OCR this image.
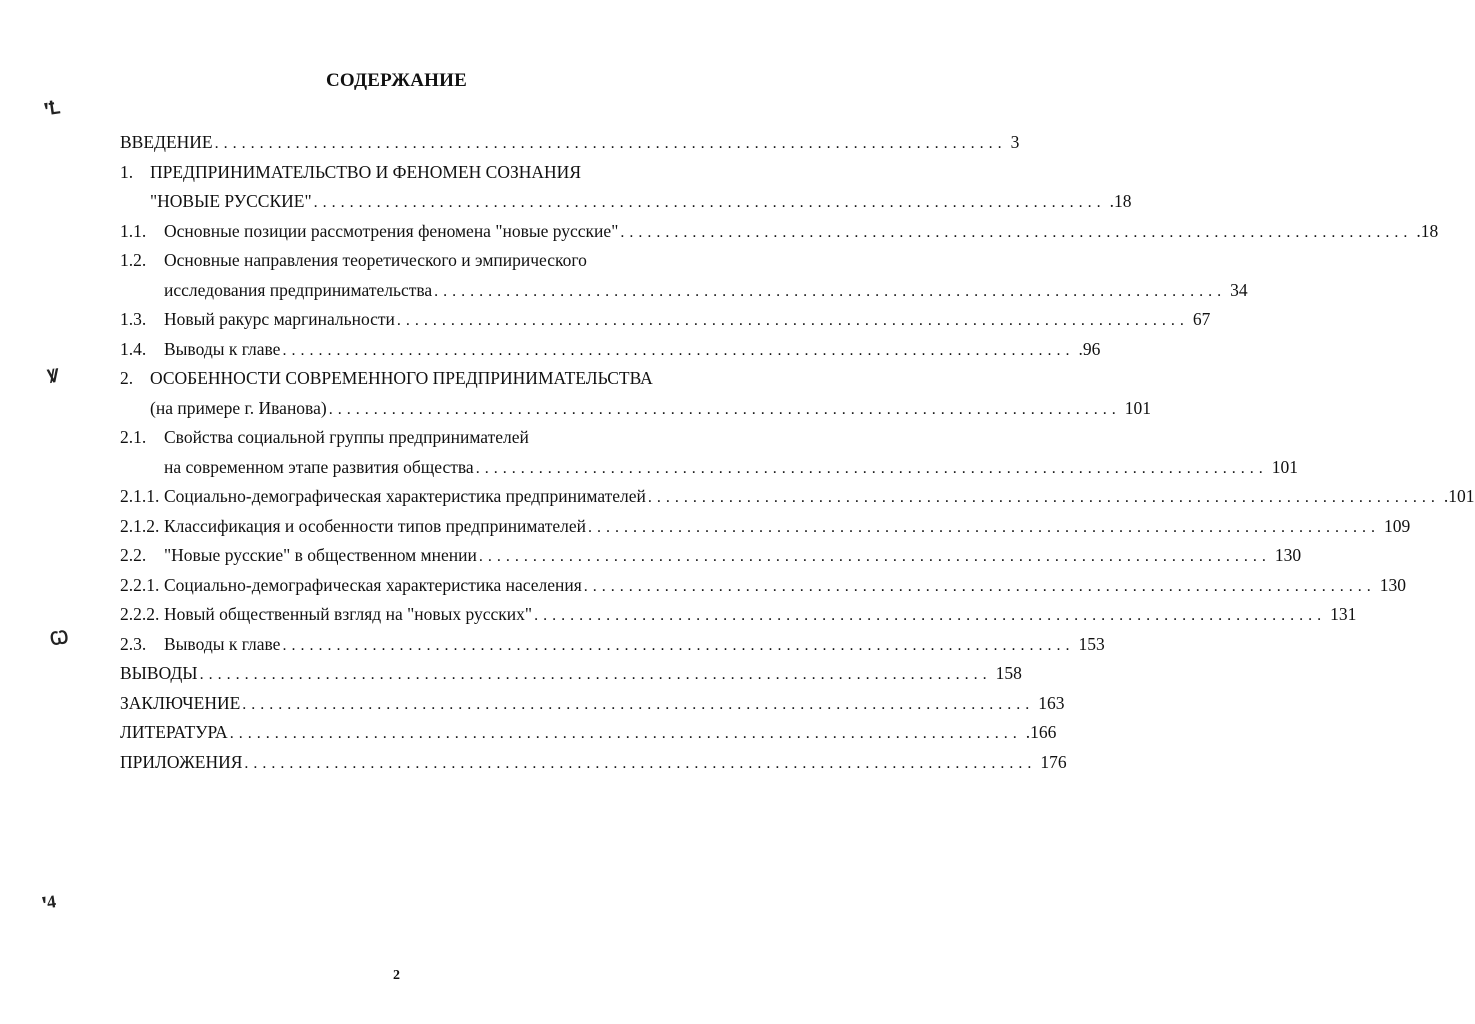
СОДЕРЖАНИЕ
ꞌꝈ
Ꝟ
Ꞷ
ꞌ4
ВВЕДЕНИЕ ........................................................................................ 3
1. ПРЕДПРИНИМАТЕЛЬСТВО И ФЕНОМЕН СОЗНАНИЯ
"НОВЫЕ РУССКИЕ" ........................................................................................ .18
1.1.	Основные позиции рассмотрения феномена "новые русские" ........................................................................................ .18
1.2. Основные направления теоретического и эмпирического
исследования предпринимательства ........................................................................................ 34
1.3.	Новый ракурс маргинальности ........................................................................................ 67
1.4.	Выводы к главе ........................................................................................ .96
2. ОСОБЕННОСТИ СОВРЕМЕННОГО ПРЕДПРИНИМАТЕЛЬСТВА
(на примере г. Иванова) ........................................................................................ 101
2.1. Свойства социальной группы предпринимателей
на современном этапе развития общества ........................................................................................ 101
2.1.1. Социально-демографическая характеристика предпринимателей ........................................................................................ .101
2.1.2. Классификация и особенности типов предпринимателей ........................................................................................ 109
2.2.	"Новые русские" в общественном мнении ........................................................................................ 130
2.2.1. Социально-демографическая характеристика населения ........................................................................................ 130
2.2.2. Новый общественный взгляд на "новых русских" ........................................................................................ 131
2.3.	Выводы к главе ........................................................................................ 153
ВЫВОДЫ ........................................................................................ 158
ЗАКЛЮЧЕНИЕ ........................................................................................ 163
ЛИТЕРАТУРА ........................................................................................ .166
ПРИЛОЖЕНИЯ ........................................................................................ 176
2
